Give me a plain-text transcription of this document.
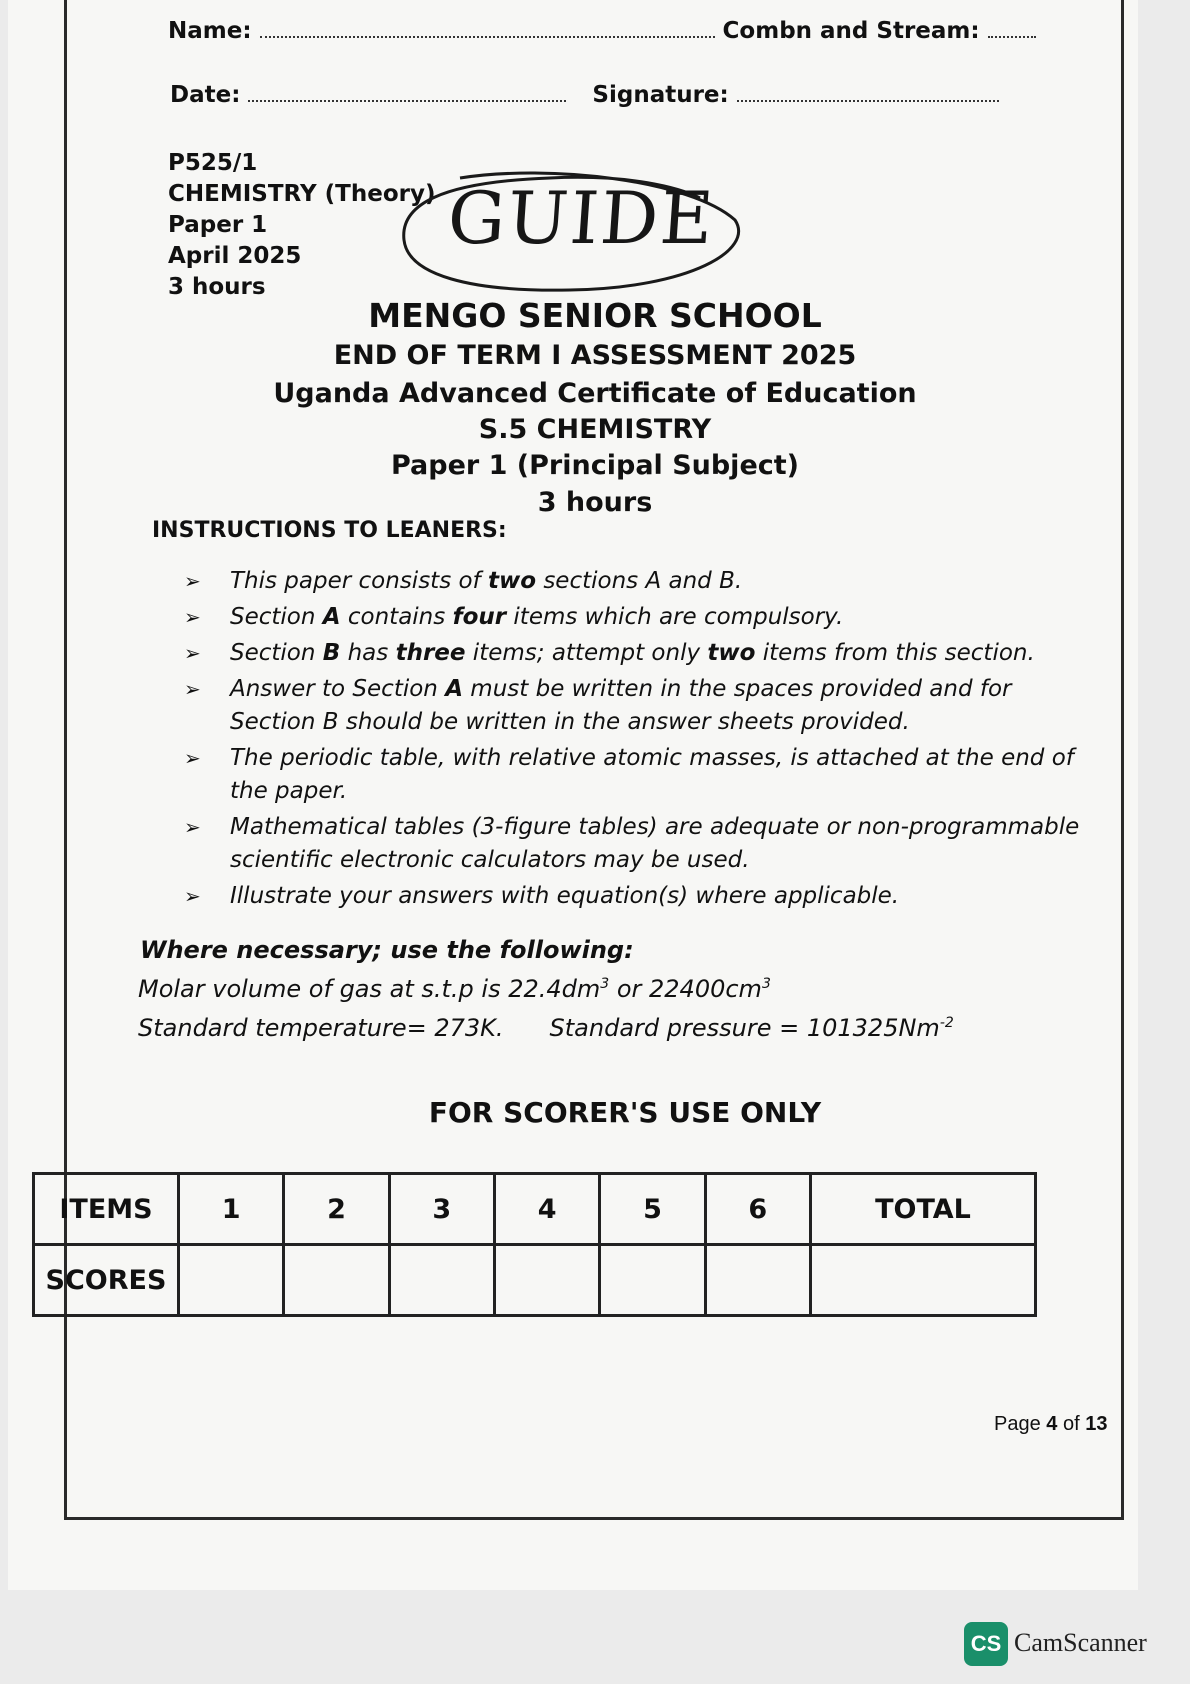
Name:	Combn and Stream:
Date:	Signature:
P525/1
CHEMISTRY (Theory)
Paper 1
April 2025
3 hours
GUIDE
MENGO SENIOR SCHOOL
END OF TERM I ASSESSMENT 2025
Uganda Advanced Certificate of Education
S.5 CHEMISTRY
Paper 1 (Principal Subject)
3 hours
INSTRUCTIONS TO LEANERS:
➢ This paper consists of two sections A and B.
➢ Section A contains four items which are compulsory.
➢ Section B has three items; attempt only two items from this section.
➢ Answer to Section A must be written in the spaces provided and for Section B should be written in the answer sheets provided.
➢ The periodic table, with relative atomic masses, is attached at the end of the paper.
➢ Mathematical tables (3-figure tables) are adequate or non-programmable scientific electronic calculators may be used.
➢ Illustrate your answers with equation(s) where applicable.
Where necessary; use the following:
Molar volume of gas at s.t.p is $22.4dm^3$ or $22400cm^3$
Standard temperature= 273K. Standard pressure = $101325Nm^{-2}$
FOR SCORER'S USE ONLY
ITEMS	1	2	3	4	5	6	TOTAL
SCORES							
Page 4 of 13
CS CamScanner
